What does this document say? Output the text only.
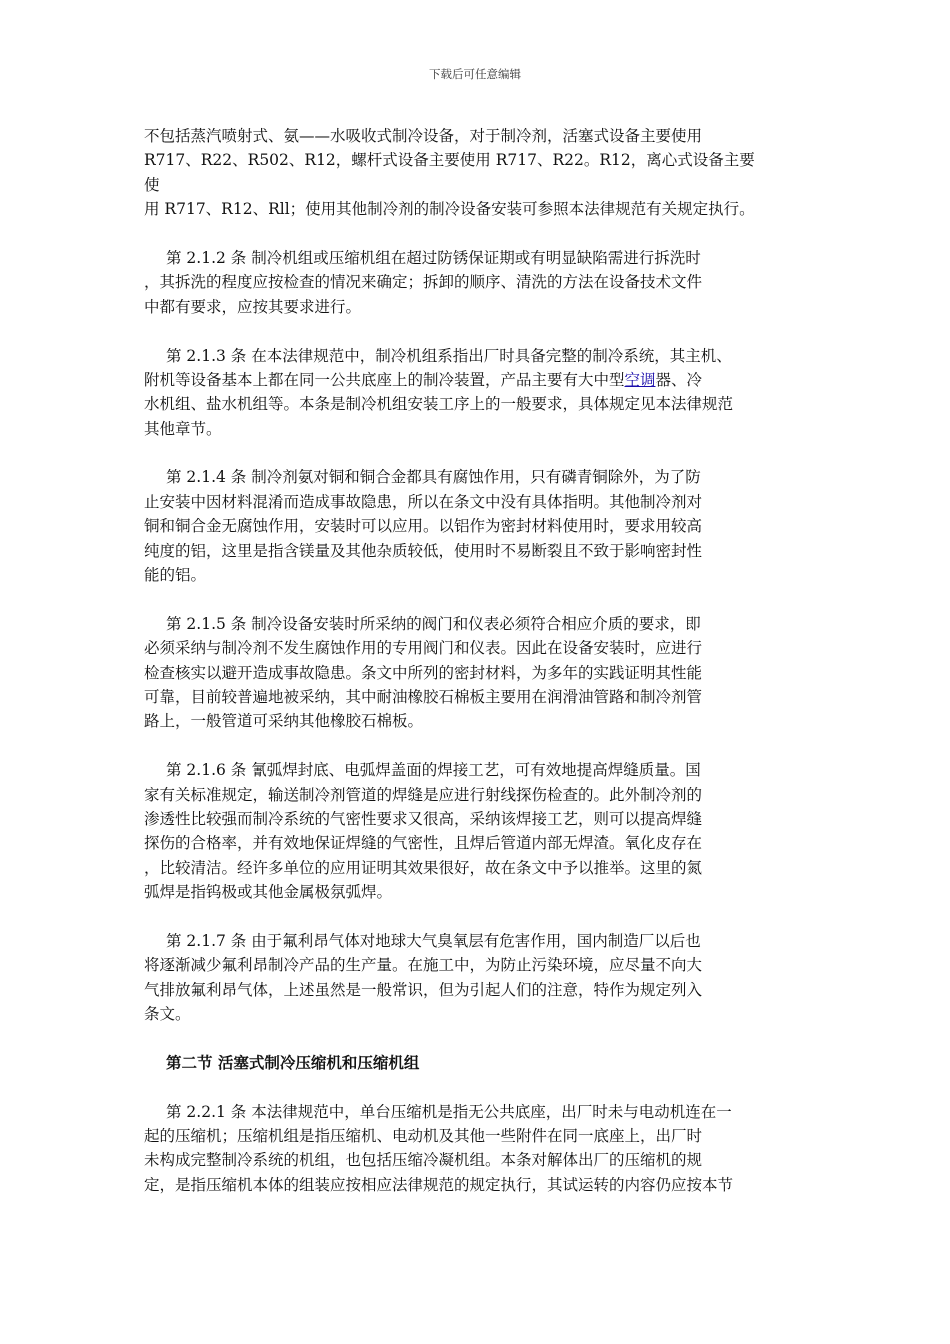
下载后可任意编辑
不包括蒸汽喷射式、氨——水吸收式制冷设备，对于制冷剂，活塞式设备主要使用
R717、R22、R502、R12，螺杆式设备主要使用 R717、R22。R12，离心式设备主要
使
用 R717、R12、Rll；使用其他制冷剂的制冷设备安装可参照本法律规范有关规定执行。
第 2.1.2 条 制冷机组或压缩机组在超过防锈保证期或有明显缺陷需进行拆洗时
，其拆洗的程度应按检查的情况来确定；拆卸的顺序、清洗的方法在设备技术文件
中都有要求，应按其要求进行。
第 2.1.3 条 在本法律规范中，制冷机组系指出厂时具备完整的制冷系统，其主机、
附机等设备基本上都在同一公共底座上的制冷装置，产品主要有大中型空调器、冷
水机组、盐水机组等。本条是制冷机组安装工序上的一般要求，具体规定见本法律规范
其他章节。
第 2.1.4 条 制冷剂氨对铜和铜合金都具有腐蚀作用，只有磷青铜除外，为了防
止安装中因材料混淆而造成事故隐患，所以在条文中没有具体指明。其他制冷剂对
铜和铜合金无腐蚀作用，安装时可以应用。以铝作为密封材料使用时，要求用较高
纯度的铝，这里是指含镁量及其他杂质较低，使用时不易断裂且不致于影响密封性
能的铝。
第 2.1.5 条 制冷设备安装时所采纳的阀门和仪表必须符合相应介质的要求，即
必须采纳与制冷剂不发生腐蚀作用的专用阀门和仪表。因此在设备安装时，应进行
检查核实以避开造成事故隐患。条文中所列的密封材料，为多年的实践证明其性能
可靠，目前较普遍地被采纳，其中耐油橡胶石棉板主要用在润滑油管路和制冷剂管
路上，一般管道可采纳其他橡胶石棉板。
第 2.1.6 条 氰弧焊封底、电弧焊盖面的焊接工艺，可有效地提高焊缝质量。国
家有关标准规定，输送制冷剂管道的焊缝是应进行射线探伤检查的。此外制冷剂的
渗透性比较强而制冷系统的气密性要求又很高，采纳该焊接工艺，则可以提高焊缝
探伤的合格率，并有效地保证焊缝的气密性，且焊后管道内部无焊渣。氧化皮存在
，比较清洁。经许多单位的应用证明其效果很好，故在条文中予以推举。这里的氮
弧焊是指钨极或其他金属极氛弧焊。
第 2.1.7 条 由于氟利昂气体对地球大气臭氧层有危害作用，国内制造厂以后也
将逐渐减少氟利昂制冷产品的生产量。在施工中，为防止污染环境，应尽量不向大
气排放氟利昂气体，上述虽然是一般常识，但为引起人们的注意，特作为规定列入
条文。
第二节 活塞式制冷压缩机和压缩机组
第 2.2.1 条 本法律规范中，单台压缩机是指无公共底座，出厂时未与电动机连在一
起的压缩机；压缩机组是指压缩机、电动机及其他一些附件在同一底座上，出厂时
未构成完整制冷系统的机组，也包括压缩冷凝机组。本条对解体出厂的压缩机的规
定，是指压缩机本体的组装应按相应法律规范的规定执行，其试运转的内容仍应按本节
